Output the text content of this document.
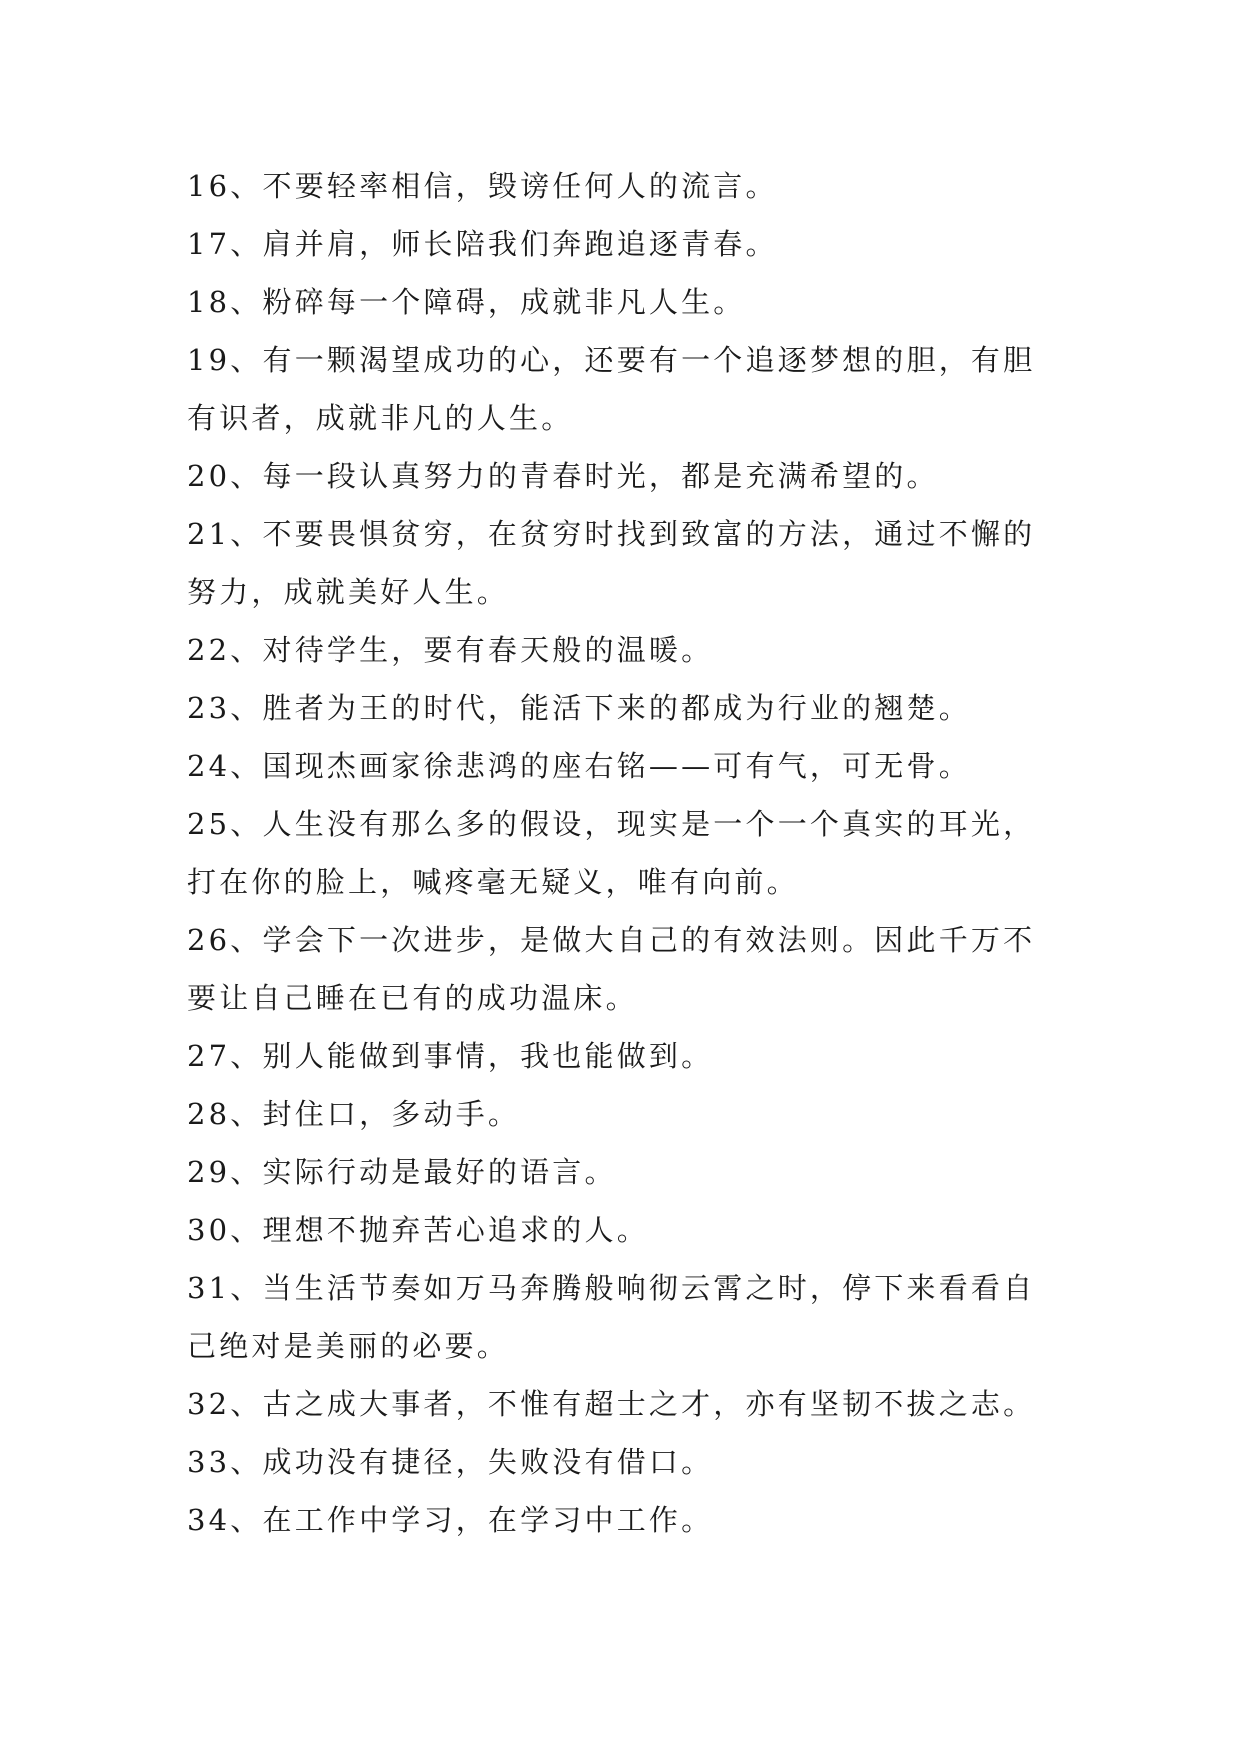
16、不要轻率相信，毁谤任何人的流言。
17、肩并肩，师长陪我们奔跑追逐青春。
18、粉碎每一个障碍，成就非凡人生。
19、有一颗渴望成功的心，还要有一个追逐梦想的胆，有胆
有识者，成就非凡的人生。
20、每一段认真努力的青春时光，都是充满希望的。
21、不要畏惧贫穷，在贫穷时找到致富的方法，通过不懈的
努力，成就美好人生。
22、对待学生，要有春天般的温暖。
23、胜者为王的时代，能活下来的都成为行业的翘楚。
24、国现杰画家徐悲鸿的座右铭——可有气，可无骨。
25、人生没有那么多的假设，现实是一个一个真实的耳光，
打在你的脸上，喊疼毫无疑义，唯有向前。
26、学会下一次进步，是做大自己的有效法则。因此千万不
要让自己睡在已有的成功温床。
27、别人能做到事情，我也能做到。
28、封住口，多动手。
29、实际行动是最好的语言。
30、理想不抛弃苦心追求的人。
31、当生活节奏如万马奔腾般响彻云霄之时，停下来看看自
己绝对是美丽的必要。
32、古之成大事者，不惟有超士之才，亦有坚韧不拔之志。
33、成功没有捷径，失败没有借口。
34、在工作中学习，在学习中工作。
